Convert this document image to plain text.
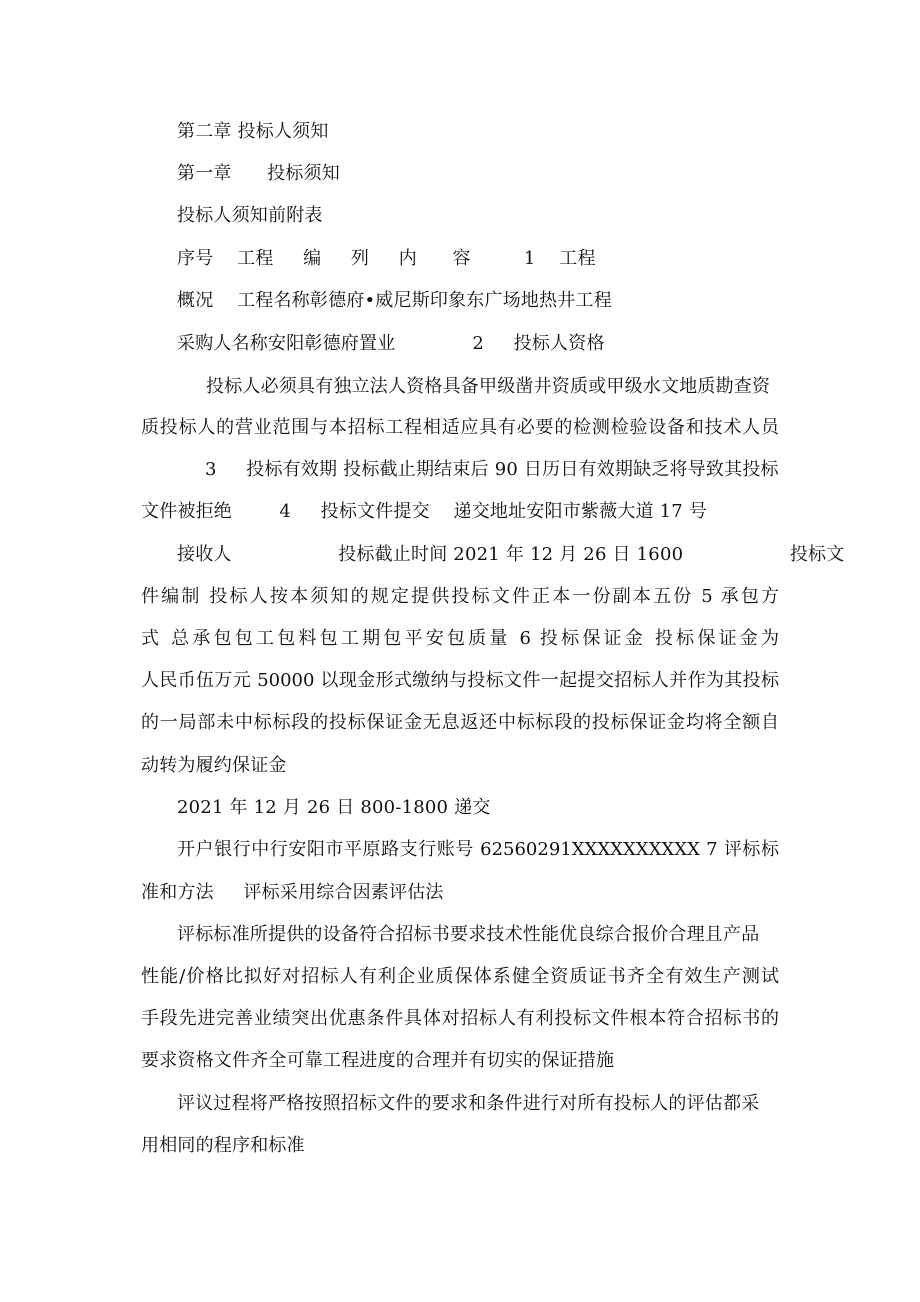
第二章 投标人须知
第一章      投标须知
投标人须知前附表
序号    工程     编     列     内      容         1    工程
概况    工程名称彰德府•威尼斯印象东广场地热井工程
采购人名称安阳彰德府置业             2     投标人资格
投标人必须具有独立法人资格具备甲级凿井资质或甲级水文地质勘查资
质投标人的营业范围与本招标工程相适应具有必要的检测检验设备和技术人员
3     投标有效期 投标截止期结束后 90 日历日有效期缺乏将导致其投标
文件被拒绝        4     投标文件提交    递交地址安阳市紫薇大道 17 号
接收人                  投标截止时间 2021 年 12 月 26 日 1600                  投标文
件编制 投标人按本须知的规定提供投标文件正本一份副本五份 5 承包方
式 总承包包工包料包工期包平安包质量 6 投标保证金 投标保证金为
人民币伍万元 50000 以现金形式缴纳与投标文件一起提交招标人并作为其投标
的一局部未中标标段的投标保证金无息返还中标标段的投标保证金均将全额自
动转为履约保证金
2021 年 12 月 26 日 800-1800 递交
开户银行中行安阳市平原路支行账号 62560291XXXXXXXXXX 7 评标标
准和方法     评标采用综合因素评估法
评标标准所提供的设备符合招标书要求技术性能优良综合报价合理且产品
性能/价格比拟好对招标人有利企业质保体系健全资质证书齐全有效生产测试
手段先进完善业绩突出优惠条件具体对招标人有利投标文件根本符合招标书的
要求资格文件齐全可靠工程进度的合理并有切实的保证措施
评议过程将严格按照招标文件的要求和条件进行对所有投标人的评估都采
用相同的程序和标准
